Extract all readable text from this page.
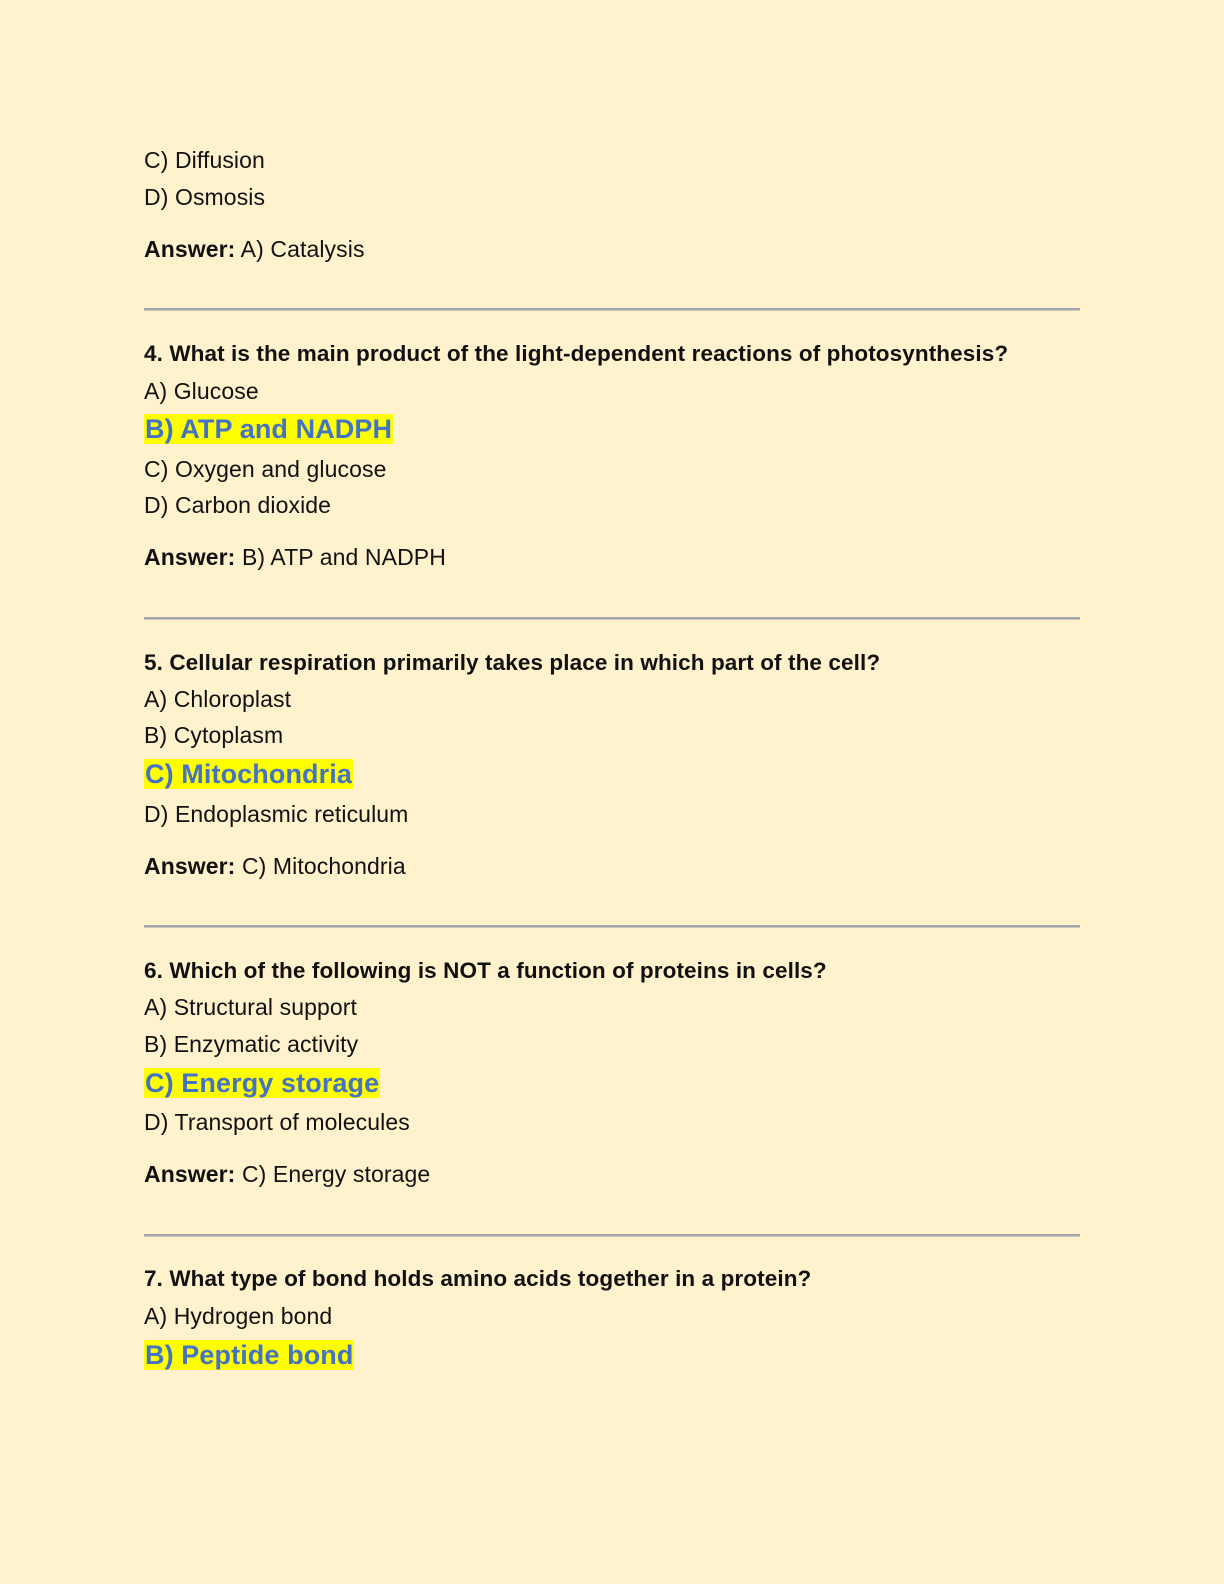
C) Diffusion
D) Osmosis
Answer: A) Catalysis
4. What is the main product of the light-dependent reactions of photosynthesis?
A) Glucose
B) ATP and NADPH
C) Oxygen and glucose
D) Carbon dioxide
Answer: B) ATP and NADPH
5. Cellular respiration primarily takes place in which part of the cell?
A) Chloroplast
B) Cytoplasm
C) Mitochondria
D) Endoplasmic reticulum
Answer: C) Mitochondria
6. Which of the following is NOT a function of proteins in cells?
A) Structural support
B) Enzymatic activity
C) Energy storage
D) Transport of molecules
Answer: C) Energy storage
7. What type of bond holds amino acids together in a protein?
A) Hydrogen bond
B) Peptide bond
